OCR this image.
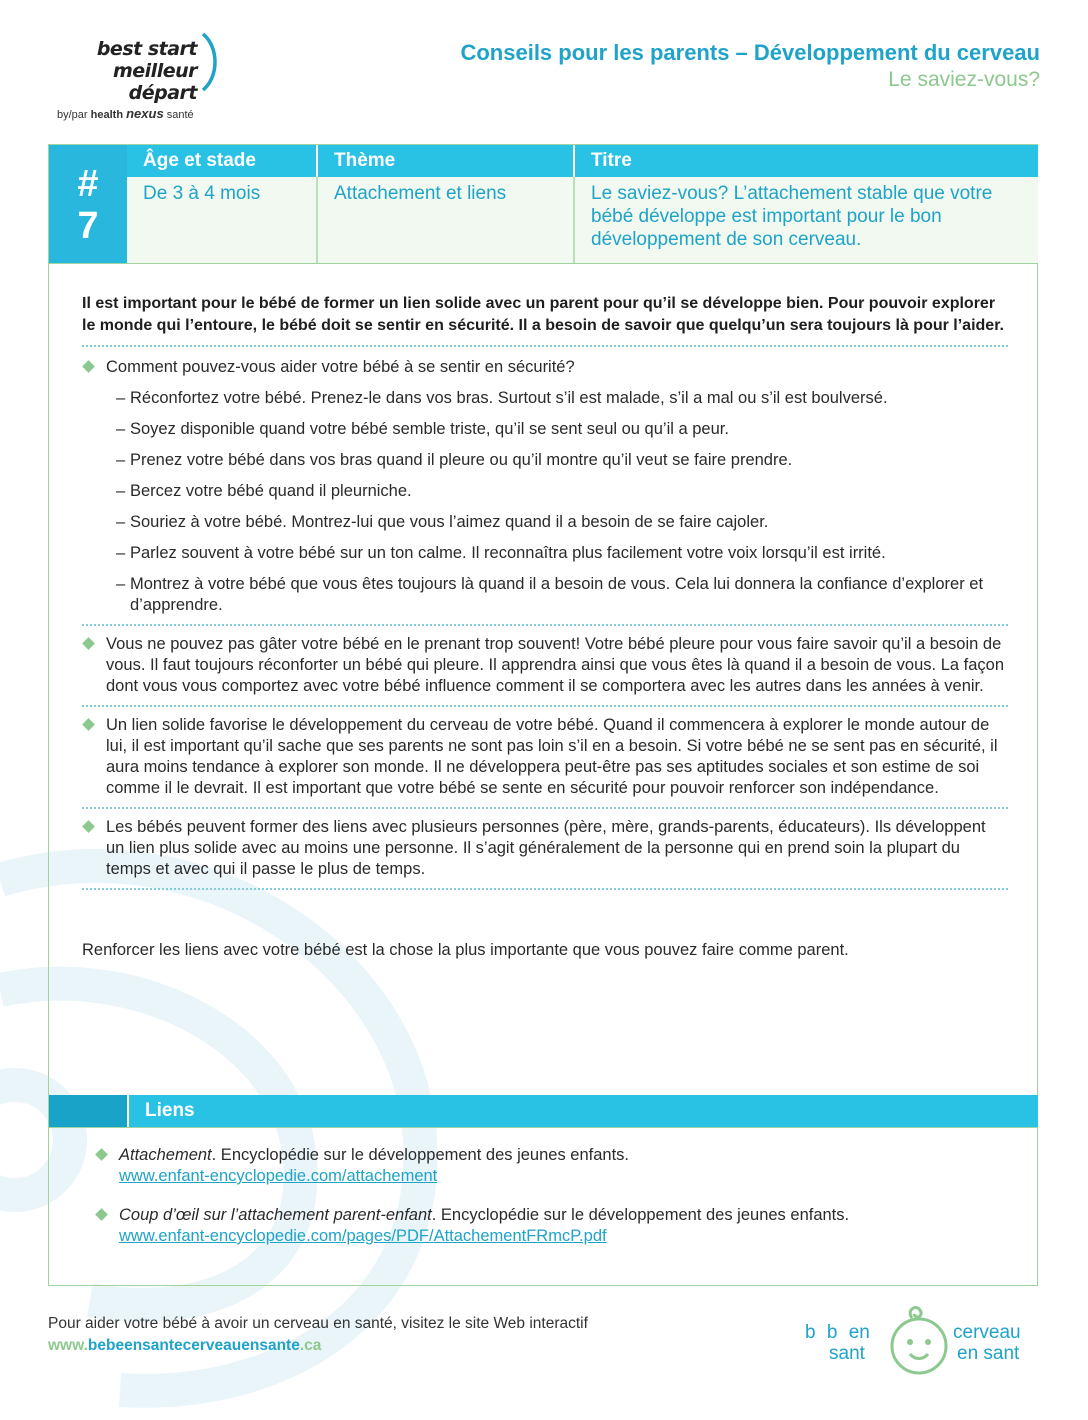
best start
meilleur départ
by/par health nexus santé
Conseils pour les parents – Développement du cerveau
Le saviez-vous?
#
7
Âge et stade	Thème	Titre
De 3 à 4 mois	Attachement et liens	Le saviez-vous? L’attachement stable que votre bébé développe est important pour le bon développement de son cerveau.

Il est important pour le bébé de former un lien solide avec un parent pour qu’il se développe bien. Pour pouvoir explorer le monde qui l’entoure, le bébé doit se sentir en sécurité. Il a besoin de savoir que quelqu’un sera toujours là pour l’aider.

Comment pouvez-vous aider votre bébé à se sentir en sécurité?
– Réconfortez votre bébé. Prenez-le dans vos bras. Surtout s’il est malade, s’il a mal ou s’il est boulversé.
– Soyez disponible quand votre bébé semble triste, qu’il se sent seul ou qu’il a peur.
– Prenez votre bébé dans vos bras quand il pleure ou qu’il montre qu’il veut se faire prendre.
– Bercez votre bébé quand il pleurniche.
– Souriez à votre bébé. Montrez-lui que vous l’aimez quand il a besoin de se faire cajoler.
– Parlez souvent à votre bébé sur un ton calme. Il reconnaîtra plus facilement votre voix lorsqu’il est irrité.
– Montrez à votre bébé que vous êtes toujours là quand il a besoin de vous. Cela lui donnera la confiance d’explorer et d’apprendre.
Vous ne pouvez pas gâter votre bébé en le prenant trop souvent! Votre bébé pleure pour vous faire savoir qu’il a besoin de vous. Il faut toujours réconforter un bébé qui pleure. Il apprendra ainsi que vous êtes là quand il a besoin de vous. La façon dont vous vous comportez avec votre bébé influence comment il se comportera avec les autres dans les années à venir.
Un lien solide favorise le développement du cerveau de votre bébé. Quand il commencera à explorer le monde autour de lui, il est important qu’il sache que ses parents ne sont pas loin s’il en a besoin. Si votre bébé ne se sent pas en sécurité, il aura moins tendance à explorer son monde. Il ne développera peut-être pas ses aptitudes sociales et son estime de soi comme il le devrait. Il est important que votre bébé se sente en sécurité pour pouvoir renforcer son indépendance.
Les bébés peuvent former des liens avec plusieurs personnes (père, mère, grands-parents, éducateurs). Ils développent un lien plus solide avec au moins une personne. Il s’agit généralement de la personne qui en prend soin la plupart du temps et avec qui il passe le plus de temps.

Renforcer les liens avec votre bébé est la chose la plus importante que vous pouvez faire comme parent.

Liens
Attachement. Encyclopédie sur le développement des jeunes enfants.
www.enfant-encyclopedie.com/attachement
Coup d’œil sur l’attachement parent-enfant. Encyclopédie sur le développement des jeunes enfants.
www.enfant-encyclopedie.com/pages/PDF/AttachementFRmcP.pdf
Pour aider votre bébé à avoir un cerveau en santé, visitez le site Web interactif
www.bebeensantecerveauensante.ca
b b en
sant
cerveau
en sant
